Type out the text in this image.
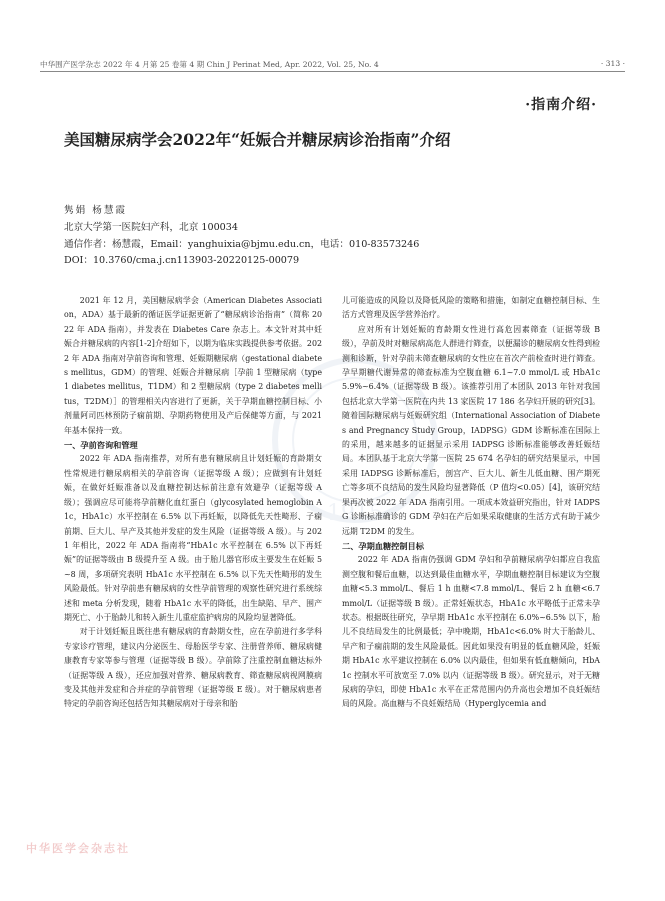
中华围产医学杂志 2022 年 4 月第 25 卷第 4 期 Chin J Perinat Med, Apr. 2022, Vol. 25, No. 4	· 313 ·
·指南介绍·
美国糖尿病学会2022年“妊娠合并糖尿病诊治指南”介绍
隽娟 杨慧霞
北京大学第一医院妇产科，北京 100034
通信作者：杨慧霞，Email：yanghuixia@bjmu.edu.cn，电话：010-83573246
DOI：10.3760/cma.j.cn113903-20220125-00079
1915

2021 年 12 月，美国糖尿病学会（American Diabetes Association，ADA）基于最新的循证医学证据更新了“糖尿病诊治指南”（简称 2022 年 ADA 指南），并发表在 Diabetes Care 杂志上。本文针对其中妊娠合并糖尿病的内容[1-2]介绍如下，以期为临床实践提供参考依据。2022 年 ADA 指南对孕前咨询和管理、妊娠期糖尿病（gestational diabetes mellitus，GDM）的管理、妊娠合并糖尿病［孕前 1 型糖尿病（type 1 diabetes mellitus，T1DM）和 2 型糖尿病（type 2 diabetes mellitus，T2DM）］的管理相关内容进行了更新，关于孕期血糖控制目标、小剂量阿司匹林预防子痫前期、孕期药物使用及产后保健等方面，与 2021 年基本保持一致。

一、孕前咨询和管理

2022 年 ADA 指南推荐，对所有患有糖尿病且计划妊娠的育龄期女性常规进行糖尿病相关的孕前咨询（证据等级 A 级）；应做到有计划妊娠，在做好妊娠准备以及血糖控制达标前注意有效避孕（证据等级 A 级）；强调应尽可能将孕前糖化血红蛋白（glycosylated hemoglobin A1c，HbA1c）水平控制在 6.5% 以下再妊娠，以降低先天性畸形、子痫前期、巨大儿、早产及其他并发症的发生风险（证据等级 A 级）。与 2021 年相比，2022 年 ADA 指南将“HbA1c 水平控制在 6.5% 以下再妊娠”的证据等级由 B 级提升至 A 级。由于胎儿器官形成主要发生在妊娠 5~8 周，多项研究表明 HbA1c 水平控制在 6.5% 以下先天性畸形的发生风险最低。针对孕前患有糖尿病的女性孕前管理的观察性研究进行系统综述和 meta 分析发现，随着 HbA1c 水平的降低，出生缺陷、早产、围产期死亡、小于胎龄儿和转入新生儿重症监护病房的风险均显著降低。

对于计划妊娠且既往患有糖尿病的育龄期女性，应在孕前进行多学科专家诊疗管理，建议内分泌医生、母胎医学专家、注册营养师、糖尿病健康教育专家等参与管理（证据等级 B 级）。孕前除了注重控制血糖达标外（证据等级 A 级），还应加强对营养、糖尿病教育、筛查糖尿病视网膜病变及其他并发症和合并症的孕前管理（证据等级 E 级）。对于糖尿病患者特定的孕前咨询还包括告知其糖尿病对于母亲和胎

儿可能造成的风险以及降低风险的策略和措施，如制定血糖控制目标、生活方式管理及医学营养治疗。

应对所有计划妊娠的育龄期女性进行高危因素筛查（证据等级 B 级），孕前及时对糖尿病高危人群进行筛查，以便漏诊的糖尿病女性得到检测和诊断，针对孕前未筛查糖尿病的女性应在首次产前检查时进行筛查。孕早期糖代谢异常的筛查标准为空腹血糖 6.1~7.0 mmol/L 或 HbA1c 5.9%~6.4%（证据等级 B 级）。该推荐引用了本团队 2013 年针对我国包括北京大学第一医院在内共 13 家医院 17 186 名孕妇开展的研究[3]。随着国际糖尿病与妊娠研究组（International Association of Diabetes and Pregnancy Study Group，IADPSG）GDM 诊断标准在国际上的采用，越来越多的证据显示采用 IADPSG 诊断标准能够改善妊娠结局。本团队基于北京大学第一医院 25 674 名孕妇的研究结果显示，中国采用 IADPSG 诊断标准后，剖宫产、巨大儿、新生儿低血糖、围产期死亡等多项不良结局的发生风险均显著降低（P 值均<0.05）[4]，该研究结果再次被 2022 年 ADA 指南引用。一项成本效益研究指出，针对 IADPSG 诊断标准确诊的 GDM 孕妇在产后如果采取健康的生活方式有助于减少远期 T2DM 的发生。

二、孕期血糖控制目标

2022 年 ADA 指南仍强调 GDM 孕妇和孕前糖尿病孕妇都应自我监测空腹和餐后血糖，以达到最佳血糖水平，孕期血糖控制目标建议为空腹血糖<5.3 mmol/L、餐后 1 h 血糖<7.8 mmol/L、餐后 2 h 血糖<6.7 mmol/L（证据等级 B 级）。正常妊娠状态，HbA1c 水平略低于正常未孕状态。根据既往研究，孕早期 HbA1c 水平控制在 6.0%~6.5% 以下，胎儿不良结局发生的比例最低；孕中晚期，HbA1c<6.0% 时大于胎龄儿、早产和子痫前期的发生风险最低。因此如果没有明显的低血糖风险，妊娠期 HbA1c 水平建议控制在 6.0% 以内最佳，但如果有低血糖倾向，HbA1c 控制水平可放宽至 7.0% 以内（证据等级 B 级）。研究显示，对于无糖尿病的孕妇，即使 HbA1c 水平在正常范围内仍升高也会增加不良妊娠结局的风险。高血糖与不良妊娠结局（Hyperglycemia and

中华医学会杂志社
